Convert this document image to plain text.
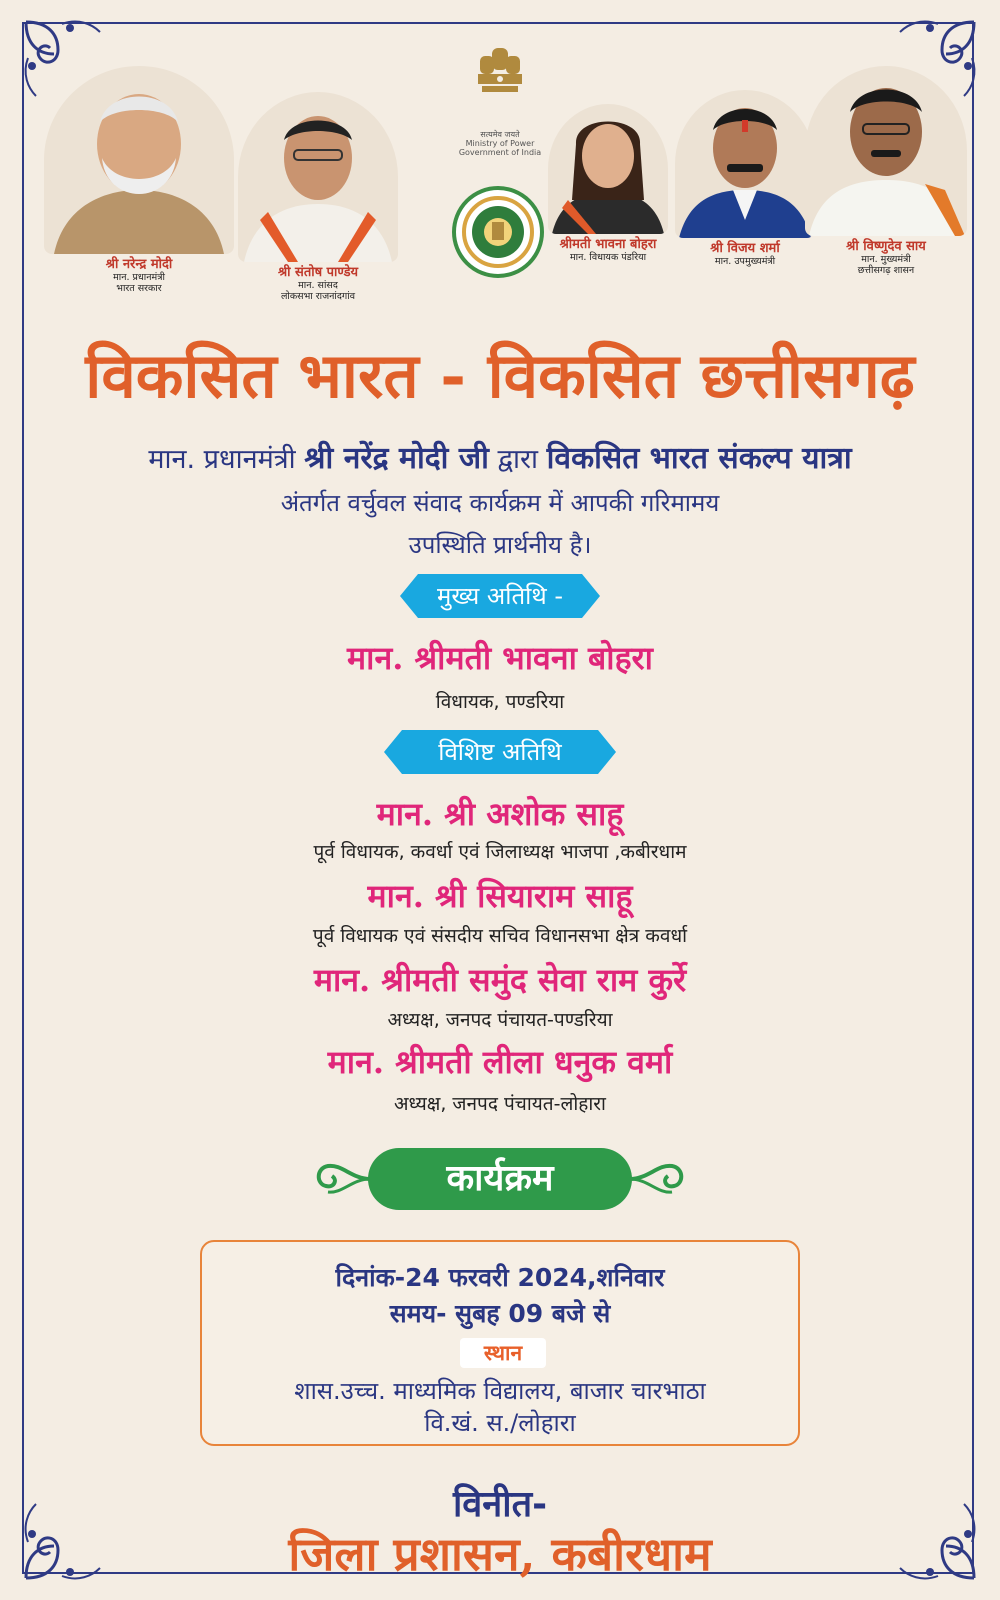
सत्यमेव जयते
Ministry of Power
Government of India
श्री नरेन्द्र मोदी
मान. प्रधानमंत्री
भारत सरकार
श्री संतोष पाण्डेय
मान. सांसद
लोकसभा राजनांदगांव
श्रीमती भावना बोहरा
मान. विधायक पंडरिया
श्री विजय शर्मा
मान. उपमुख्यमंत्री
श्री विष्णुदेव साय
मान. मुख्यमंत्री
छत्तीसगढ़ शासन
विकसित भारत - विकसित छत्तीसगढ़
मान. प्रधानमंत्री श्री नरेंद्र मोदी जी द्वारा विकसित भारत संकल्प यात्रा
अंतर्गत वर्चुवल संवाद कार्यक्रम में आपकी गरिमामय
उपस्थिति प्रार्थनीय है।
मुख्य अतिथि -
मान. श्रीमती भावना बोहरा
विधायक, पण्डरिया
विशिष्ट अतिथि
मान. श्री अशोक साहू
पूर्व विधायक, कवर्धा एवं जिलाध्यक्ष भाजपा ,कबीरधाम
मान. श्री सियाराम साहू
पूर्व विधायक एवं संसदीय सचिव विधानसभा क्षेत्र कवर्धा
मान. श्रीमती समुंद सेवा राम कुर्रे
अध्यक्ष, जनपद पंचायत-पण्डरिया
मान. श्रीमती लीला धनुक वर्मा
अध्यक्ष, जनपद पंचायत-लोहारा
कार्यक्रम
दिनांक-24 फरवरी 2024,शनिवार
समय- सुबह 09 बजे से
स्थान
शास.उच्च. माध्यमिक विद्यालय, बाजार चारभाठा
वि.खं. स./लोहारा
विनीत-
जिला प्रशासन, कबीरधाम
